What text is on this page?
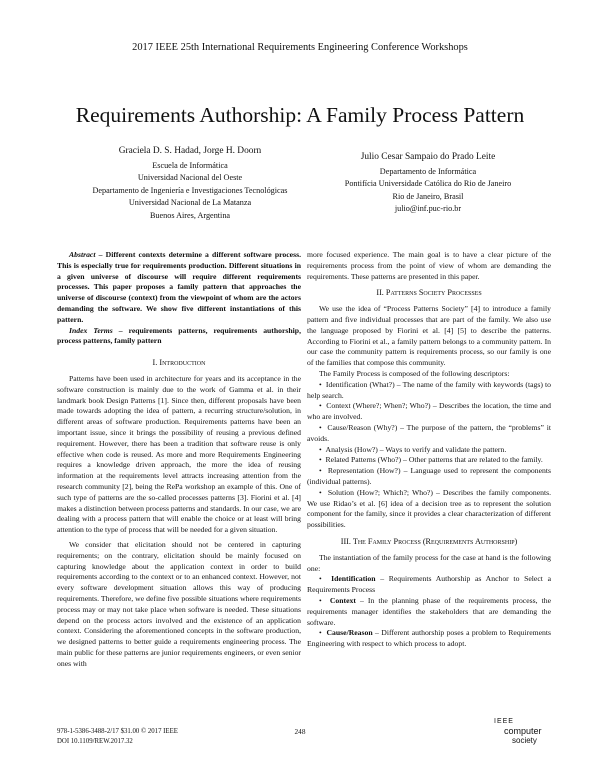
2017 IEEE 25th International Requirements Engineering Conference Workshops
Requirements Authorship: A Family Process Pattern
Graciela D. S. Hadad, Jorge H. Doorn
Escuela de Informática
Universidad Nacional del Oeste
Departamento de Ingeniería e Investigaciones Tecnológicas
Universidad Nacional de La Matanza
Buenos Aires, Argentina
Julio Cesar Sampaio do Prado Leite
Departamento de Informática
Pontifícia Universidade Católica do Rio de Janeiro
Rio de Janeiro, Brasil
julio@inf.puc-rio.br

Abstract – Different contexts determine a different software process. This is especially true for requirements production. Different situations in a given universe of discourse will require different requirements processes. This paper proposes a family pattern that approaches the universe of discourse (context) from the viewpoint of whom are the actors demanding the software. We show five different instantiations of this pattern.

Index Terms – requirements patterns, requirements authorship, process patterns, family pattern

I. Introduction

Patterns have been used in architecture for years and its acceptance in the software construction is mainly due to the work of Gamma et al. in their landmark book Design Patterns [1]. Since then, different proposals have been made towards adopting the idea of pattern, a recurring structure/solution, in different areas of software production. Requirements patterns have been an important issue, since it brings the possibility of reusing a previous defined requirement. However, there has been a tradition that software reuse is only effective when code is reused. As more and more Requirements Engineering requires a knowledge driven approach, the more the idea of reusing information at the requirements level attracts increasing attention from the research community [2], being the RePa workshop an example of this. One of such type of patterns are the so-called processes patterns [3]. Fiorini et al. [4] makes a distinction between process patterns and standards. In our case, we are dealing with a process pattern that will enable the choice or at least will bring attention to the type of process that will be needed for a given situation.

We consider that elicitation should not be centered in capturing requirements; on the contrary, elicitation should be mainly focused on capturing knowledge about the application context in order to build requirements according to the context or to an enhanced context. However, not every software development situation allows this way of producing requirements. Therefore, we define five possible situations where requirements process may or may not take place when software is needed. These situations depend on the process actors involved and the existence of an application context. Considering the aforementioned concepts in the software production, we designed patterns to better guide a requirements engineering process. The main public for these patterns are junior requirements engineers, or even senior ones with

more focused experience. The main goal is to have a clear picture of the requirements process from the point of view of whom are demanding the requirements. These patterns are presented in this paper.

II. Patterns Society Processes

We use the idea of “Process Patterns Society” [4] to introduce a family pattern and five individual processes that are part of the family. We also use the language proposed by Fiorini et al. [4] [5] to describe the patterns. According to Fiorini et al., a family pattern belongs to a community pattern. In our case the community pattern is requirements process, so our family is one of the families that compose this community.

The Family Process is composed of the following descriptors:

•  Identification (What?) – The name of the family with keywords (tags) to help search.

•  Context (Where?; When?; Who?) – Describes the location, the time and who are involved.

•  Cause/Reason (Why?) – The purpose of the pattern, the “problems” it avoids.

•  Analysis (How?) – Ways to verify and validate the pattern.

•  Related Patterns (Who?) – Other patterns that are related to the family.

•  Representation (How?) – Language used to represent the components (individual patterns).

•  Solution (How?; Which?; Who?) – Describes the family components. We use Ridao’s et al. [6] idea of a decision tree as to represent the solution component for the family, since it provides a clear characterization of different possibilities.

III. The Family Process (Requirements Authorship)

The instantiation of the family process for the case at hand is the following one:

•  Identification – Requirements Authorship as Anchor to Select a Requirements Process

•  Context – In the planning phase of the requirements process, the requirements manager identifies the stakeholders that are demanding the software.

•  Cause/Reason – Different authorship poses a problem to Requirements Engineering with respect to which process to adopt.

978-1-5386-3488-2/17 $31.00 © 2017 IEEE
DOI 10.1109/REW.2017.32
248
IEEE
computer
society
